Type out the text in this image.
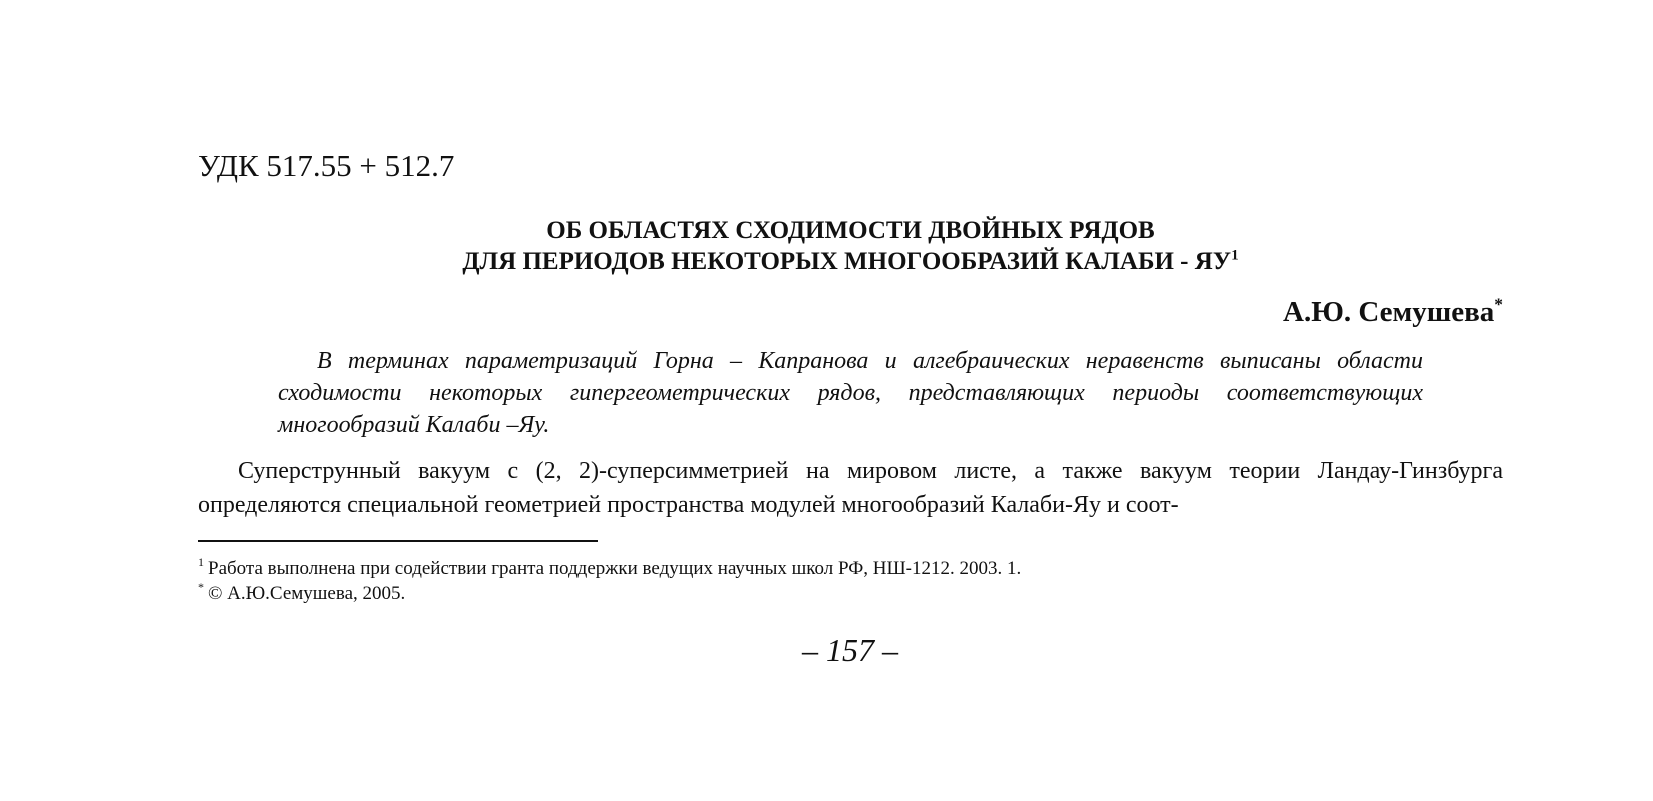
УДК 517.55 + 512.7
ОБ ОБЛАСТЯХ СХОДИМОСТИ ДВОЙНЫХ РЯДОВ
ДЛЯ ПЕРИОДОВ НЕКОТОРЫХ МНОГООБРАЗИЙ КАЛАБИ - $ЯУ^1$
А.Ю. Семушева*
В терминах параметризаций Горна – Капранова и алгебраических неравенств выписаны области сходимости некоторых гипергеометрических рядов, представляющих периоды соответствующих многообразий Калаби –Яу.
Суперструнный вакуум с (2, 2)-суперсимметрией на мировом листе, а также вакуум теории Ландау-Гинзбурга определяются специальной геометрией пространства модулей многообразий Калаби-Яу и соот-
$^1$ Работа выполнена при содействии гранта поддержки ведущих научных школ РФ, НШ-1212. 2003. 1.
* © А.Ю.Семушева, 2005.
– 157 –
